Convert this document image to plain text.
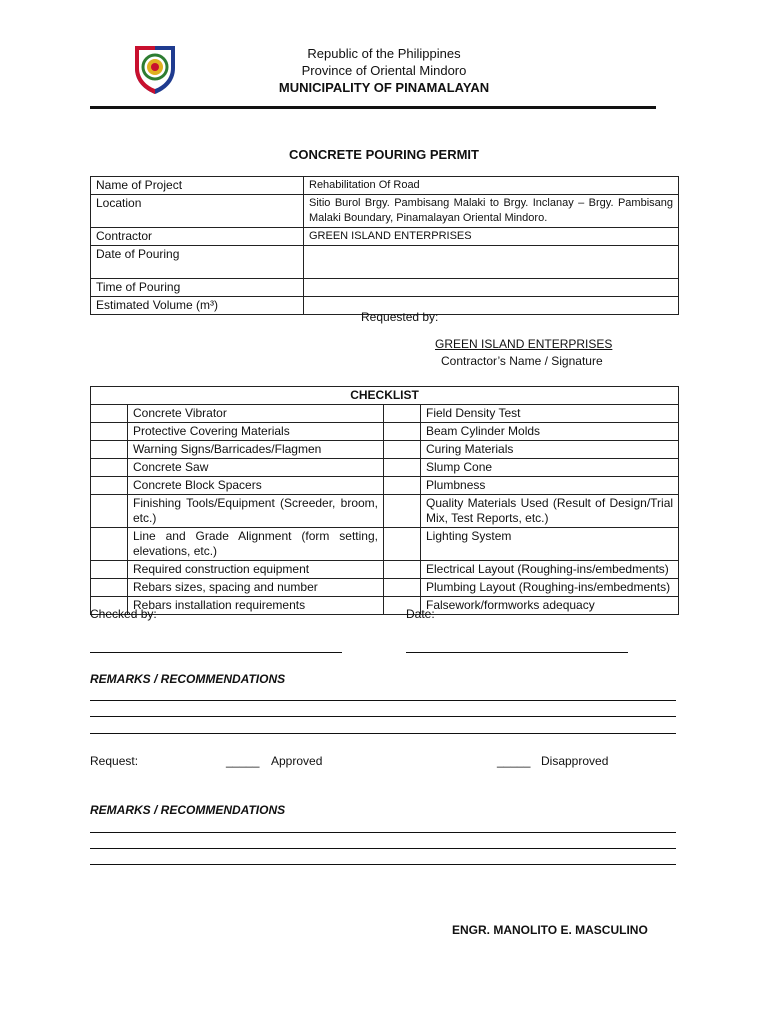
Republic of the Philippines
Province of Oriental Mindoro
MUNICIPALITY OF PINAMALAYAN
CONCRETE POURING PERMIT
Name of Project	Rehabilitation Of Road
Location	Sitio Burol Brgy. Pambisang Malaki to Brgy. Inclanay – Brgy. Pambisang Malaki Boundary, Pinamalayan Oriental Mindoro.
Contractor	GREEN ISLAND ENTERPRISES
Date of Pouring	
Time of Pouring	
Estimated Volume (m³)	
Requested by:
GREEN ISLAND ENTERPRISES
Contractor’s Name / Signature
CHECKLIST			
	Concrete Vibrator		Field Density Test
	Protective Covering Materials		Beam Cylinder Molds
	Warning Signs/Barricades/Flagmen		Curing Materials
	Concrete Saw		Slump Cone
	Concrete Block Spacers		Plumbness
	Finishing Tools/Equipment (Screeder, broom, etc.)		Quality Materials Used (Result of Design/Trial Mix, Test Reports, etc.)
	Line and Grade Alignment (form setting, elevations, etc.)		Lighting System
	Required construction equipment		Electrical Layout (Roughing-ins/embedments)
	Rebars sizes, spacing and number		Plumbing Layout (Roughing-ins/embedments)
	Rebars installation requirements		Falsework/formworks adequacy
Checked by:	Date:
REMARKS / RECOMMENDATIONS
Request:	_____ Approved	_____ Disapproved
REMARKS / RECOMMENDATIONS
ENGR. MANOLITO E. MASCULINO
